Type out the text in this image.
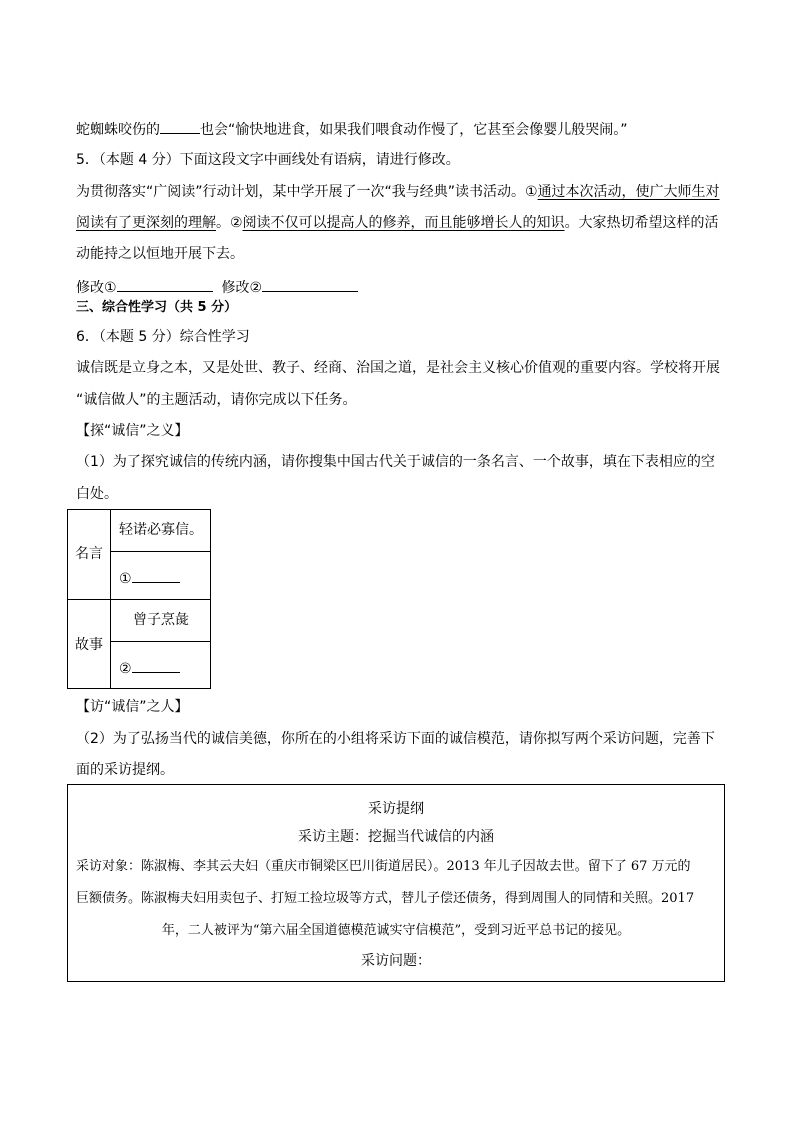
蛇蜘蛛咬伤的	也会“愉快地进食，如果我们喂食动作慢了，它甚至会像婴儿般哭闹。”
5．（本题 4 分）下面这段文字中画线处有语病，请进行修改。
为贯彻落实“广阅读”行动计划，某中学开展了一次“我与经典”读书活动。①通过本次活动，使广大师生对
阅读有了更深刻的理解。②阅读不仅可以提高人的修养，而且能够增长人的知识。大家热切希望这样的活
动能持之以恒地开展下去。
修改①	修改②
三、综合性学习（共 5 分）
6．（本题 5 分）综合性学习
诚信既是立身之本，又是处世、教子、经商、治国之道，是社会主义核心价值观的重要内容。学校将开展
“诚信做人”的主题活动，请你完成以下任务。
【探“诚信”之义】
（1）为了探究诚信的传统内涵，请你搜集中国古代关于诚信的一条名言、一个故事，填在下表相应的空
白处。
名言
轻诺必寡信。
①
故事
曾子烹彘
②
【访“诚信”之人】
（2）为了弘扬当代的诚信美德，你所在的小组将采访下面的诚信模范，请你拟写两个采访问题，完善下
面的采访提纲。
采访提纲
采访主题：挖掘当代诚信的内涵
采访对象：陈淑梅、李其云夫妇（重庆市铜梁区巴川街道居民）。2013 年儿子因故去世。留下了 67 万元的
巨额债务。陈淑梅夫妇用卖包子、打短工捡垃圾等方式，替儿子偿还债务，得到周围人的同情和关照。2017
年，二人被评为“第六届全国道德模范诚实守信模范”，受到习近平总书记的接见。
采访问题：
